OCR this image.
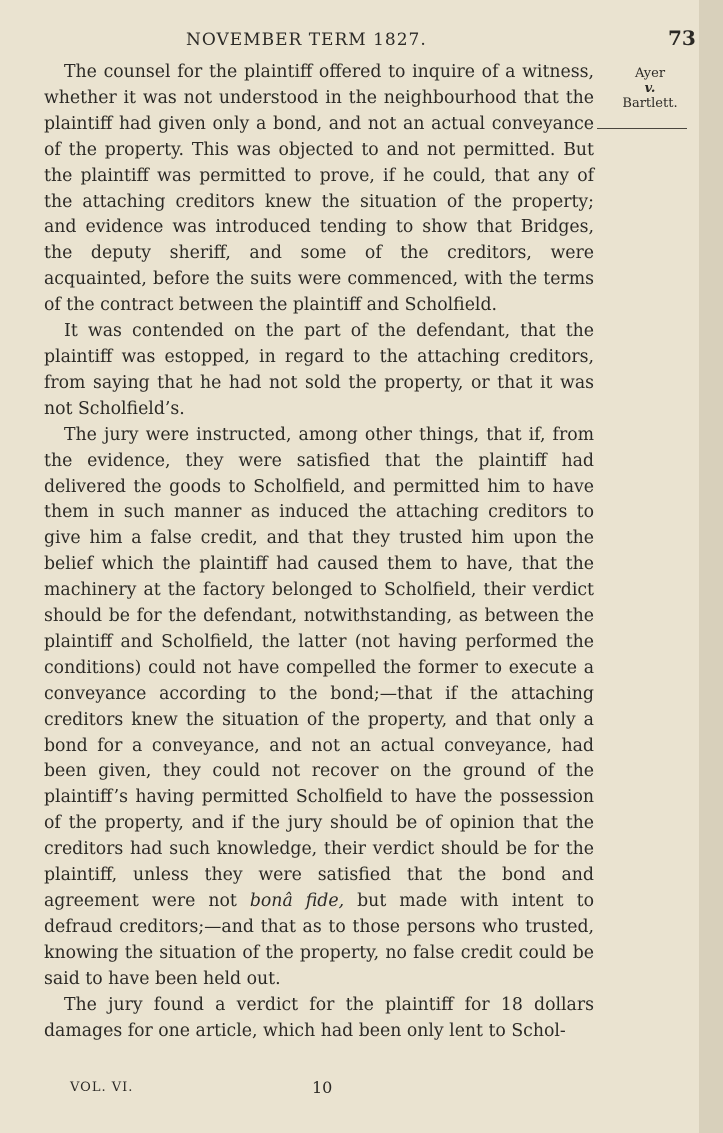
NOVEMBER TERM 1827.	73
Ayer
v.
Bartlett.

The counsel for the plaintiff offered to inquire of a witness, whether it was not understood in the neighbourhood that the plaintiff had given only a bond, and not an actual conveyance of the property. This was objected to and not permitted. But the plaintiff was permitted to prove, if he could, that any of the attaching creditors knew the situation of the property; and evidence was introduced tending to show that Bridges, the deputy sheriff, and some of the creditors, were acquainted, before the suits were commenced, with the terms of the contract between the plaintiff and Scholfield.

It was contended on the part of the defendant, that the plaintiff was estopped, in regard to the attaching creditors, from saying that he had not sold the property, or that it was not Scholfield’s.

The jury were instructed, among other things, that if, from the evidence, they were satisfied that the plaintiff had delivered the goods to Scholfield, and permitted him to have them in such manner as induced the attaching creditors to give him a false credit, and that they trusted him upon the belief which the plaintiff had caused them to have, that the machinery at the factory belonged to Scholfield, their verdict should be for the defendant, notwithstanding, as between the plaintiff and Scholfield, the latter (not having performed the conditions) could not have compelled the former to execute a conveyance according to the bond;—that if the attaching creditors knew the situation of the property, and that only a bond for a conveyance, and not an actual conveyance, had been given, they could not recover on the ground of the plaintiff’s having permitted Scholfield to have the possession of the property, and if the jury should be of opinion that the creditors had such knowledge, their verdict should be for the plaintiff, unless they were satisfied that the bond and agreement were not bonâ fide, but made with intent to defraud creditors;—and that as to those persons who trusted, knowing the situation of the property, no false credit could be said to have been held out.

The jury found a verdict for the plaintiff for 18 dollars damages for one article, which had been only lent to Schol-

VOL. VI.	10
